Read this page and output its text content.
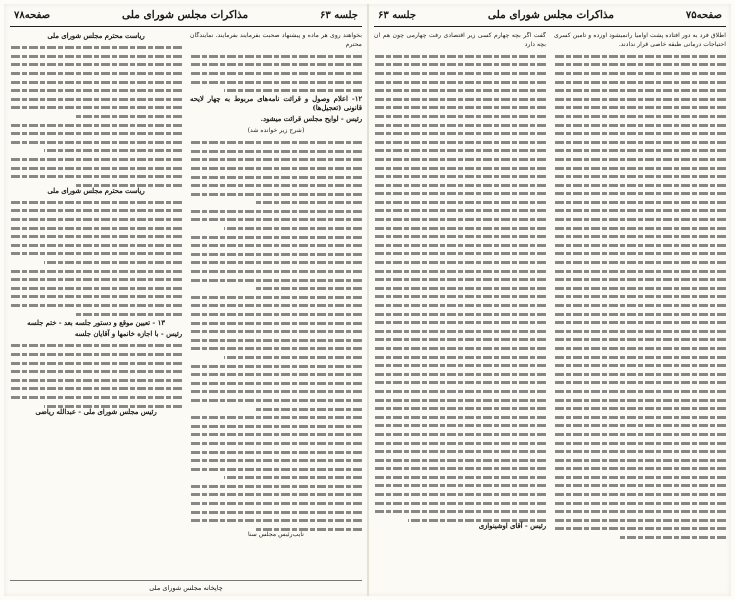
جلسه ۶۳
مذاکرات مجلس شورای ملی
صفحه۷۸

بخواهند روی هر ماده و پیشنهاد صحبت بفرمایند بفرمایند. نمایندگان محترم

۱۲- اعلام وصول و قرائت نامه‌های مربوط به چهار لایحه قانونی (تعجیل‌ها)

رئیس - لوایح مجلس قرائت میشود.

(شرح زیر خوانده شد)

نایب‌رئیس مجلس سنا

ریاست محترم مجلس شورای ملی

ریاست محترم مجلس شورای ملی

۱۳ - تعیین موقع و دستور جلسه بعد - ختم جلسه

رئیس - با اجازه خانمها و آقایان جلسه

رئیس مجلس شورای ملی - عبدالله ریاضی

چاپخانه مجلس شورای ملی
صفحه۷۵
مذاکرات مجلس شورای ملی
جلسه ۶۳

اطلاق فرد به دور افتاده پشت اوامیا رانمیشود آورده و تأمین کسری احتیاجات درمانی طبقه خاصی قرار ندادند.

گفت اگر بچه چهارم کسی زیر اقتصادی رفت چهارمی چون هم آن بچه دارد

رئیس - آقای اوشینوازی
